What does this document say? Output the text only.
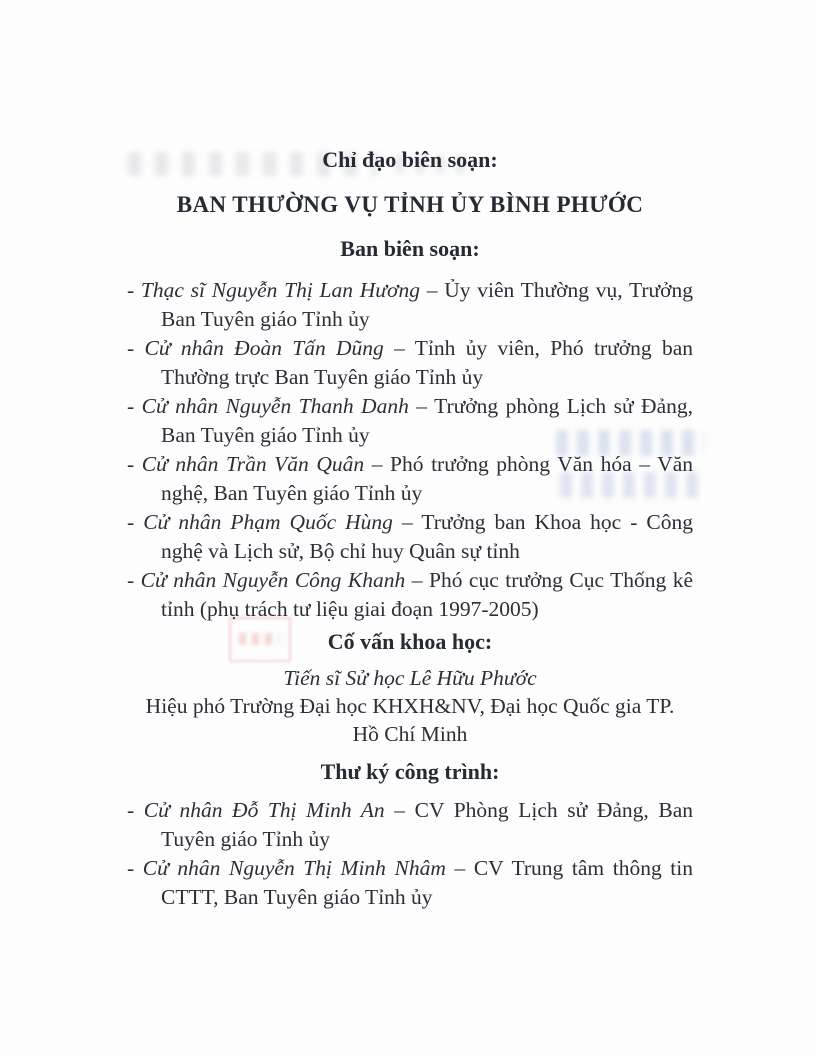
Chỉ đạo biên soạn:

BAN THƯỜNG VỤ TỈNH ỦY BÌNH PHƯỚC

Ban biên soạn:

- Thạc sĩ Nguyễn Thị Lan Hương – Ủy viên Thường vụ, Trưởng Ban Tuyên giáo Tỉnh ủy
- Cử nhân Đoàn Tấn Dũng – Tỉnh ủy viên, Phó trưởng ban Thường trực Ban Tuyên giáo Tỉnh ủy
- Cử nhân Nguyễn Thanh Danh – Trưởng phòng Lịch sử Đảng, Ban Tuyên giáo Tỉnh ủy
- Cử nhân Trần Văn Quân – Phó trưởng phòng Văn hóa – Văn nghệ, Ban Tuyên giáo Tỉnh ủy
- Cử nhân Phạm Quốc Hùng – Trưởng ban Khoa học - Công nghệ và Lịch sử, Bộ chỉ huy Quân sự tỉnh
- Cử nhân Nguyễn Công Khanh – Phó cục trưởng Cục Thống kê tỉnh (phụ trách tư liệu giai đoạn 1997-2005)

Cố vấn khoa học:

Tiến sĩ Sử học Lê Hữu Phước
Hiệu phó Trường Đại học KHXH&NV, Đại học Quốc gia TP.
Hồ Chí Minh

Thư ký công trình:

- Cử nhân Đỗ Thị Minh An – CV Phòng Lịch sử Đảng, Ban Tuyên giáo Tỉnh ủy
- Cử nhân Nguyễn Thị Minh Nhâm – CV Trung tâm thông tin CTTT, Ban Tuyên giáo Tỉnh ủy
